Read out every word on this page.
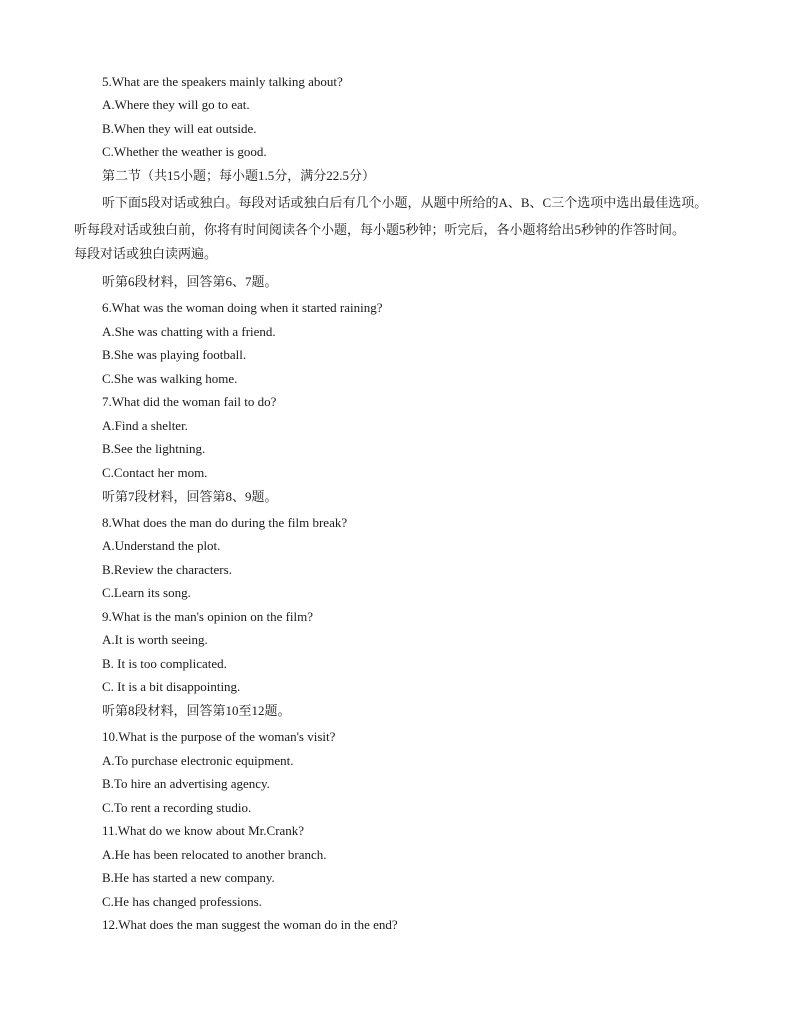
5.What are the speakers mainly talking about?
A.Where they will go to eat.
B.When they will eat outside.
C.Whether the weather is good.
第二节（共15小题；每小题1.5分，满分22.5分）
听下面5段对话或独白。每段对话或独白后有几个小题，从题中所给的A、B、C三个选项中选出最佳选项。
听每段对话或独白前，你将有时间阅读各个小题，每小题5秒钟；听完后，各小题将给出5秒钟的作答时间。
每段对话或独白读两遍。
听第6段材料，回答第6、7题。
6.What was the woman doing when it started raining?
A.She was chatting with a friend.
B.She was playing football.
C.She was walking home.
7.What did the woman fail to do?
A.Find a shelter.
B.See the lightning.
C.Contact her mom.
听第7段材料，回答第8、9题。
8.What does the man do during the film break?
A.Understand the plot.
B.Review the characters.
C.Learn its song.
9.What is the man's opinion on the film?
A.It is worth seeing.
B. It is too complicated.
C. It is a bit disappointing.
听第8段材料，回答第10至12题。
10.What is the purpose of the woman's visit?
A.To purchase electronic equipment.
B.To hire an advertising agency.
C.To rent a recording studio.
11.What do we know about Mr.Crank?
A.He has been relocated to another branch.
B.He has started a new company.
C.He has changed professions.
12.What does the man suggest the woman do in the end?
